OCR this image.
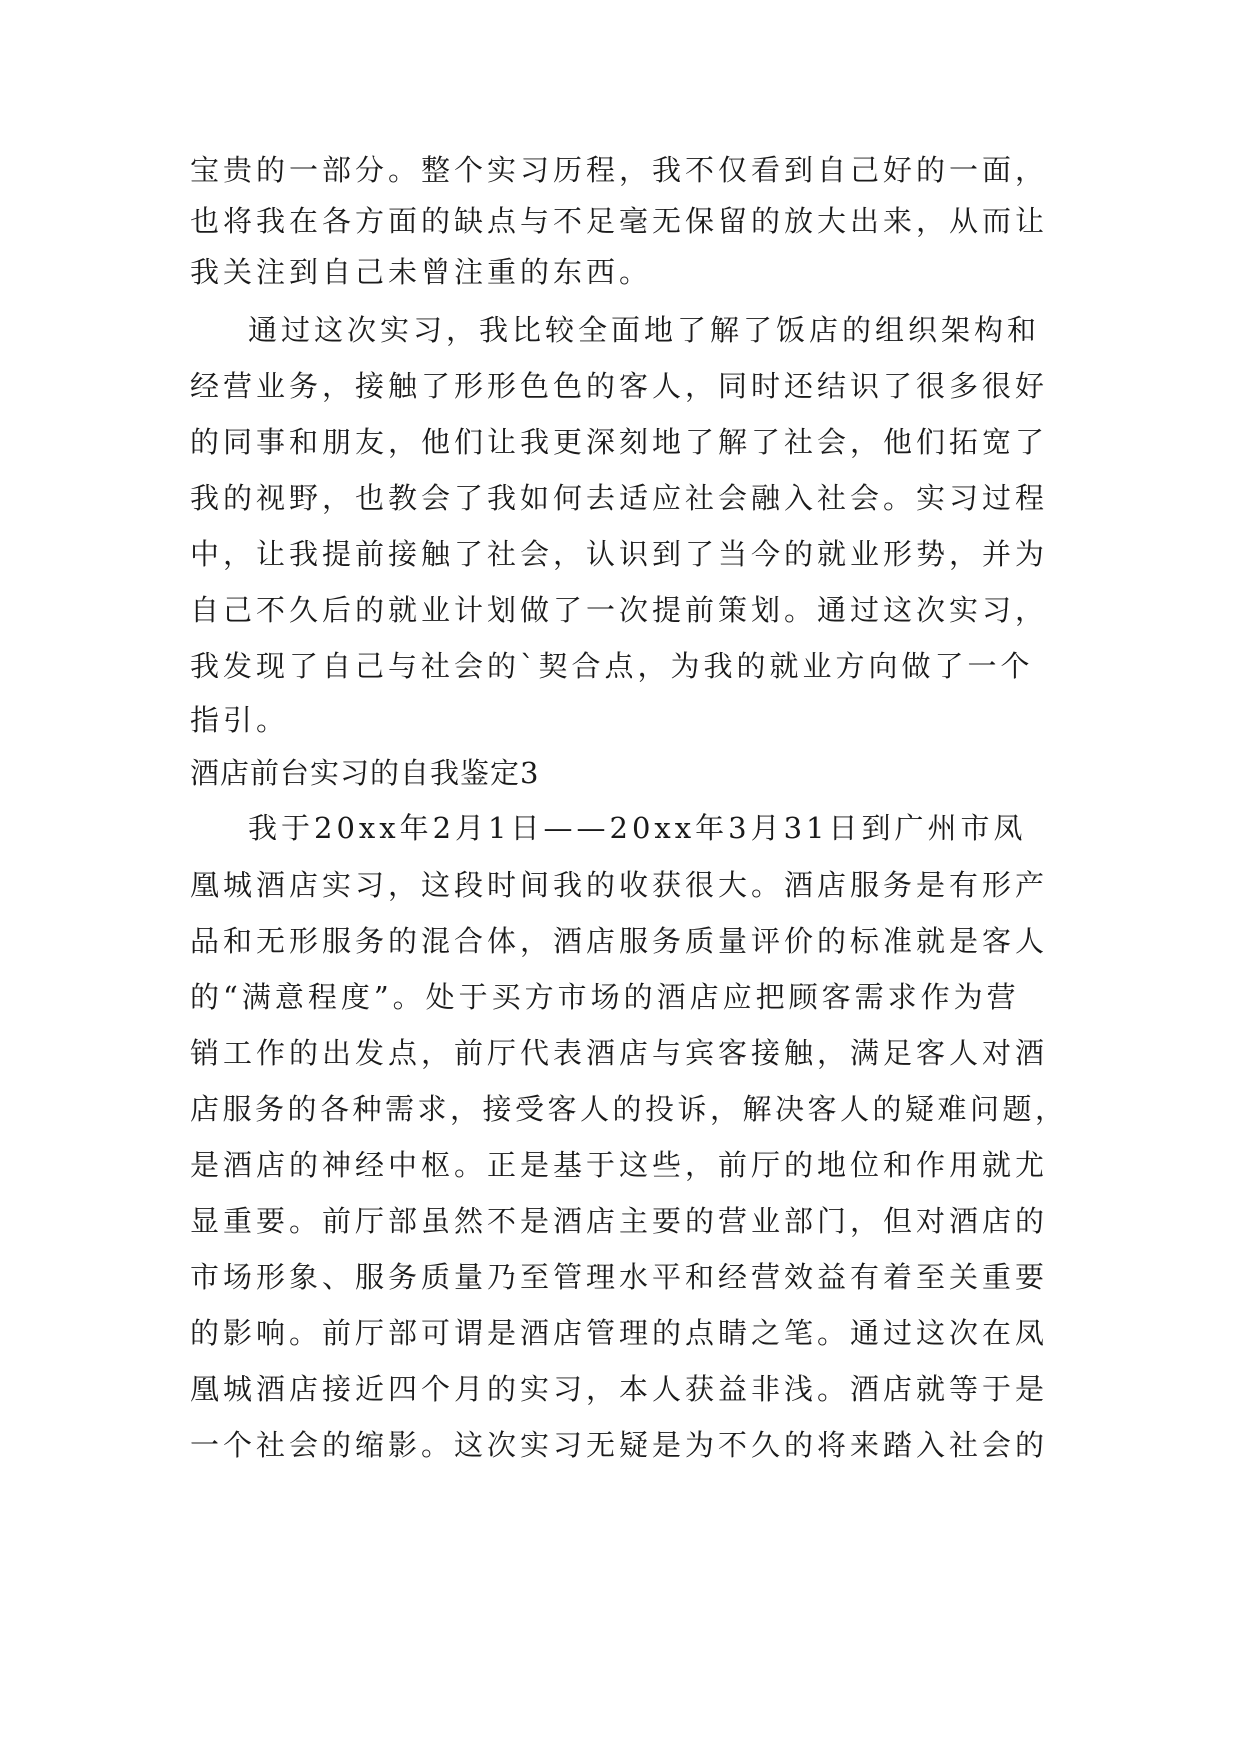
宝贵的一部分。整个实习历程，我不仅看到自己好的一面，
也将我在各方面的缺点与不足毫无保留的放大出来，从而让
我关注到自己未曾注重的东西。
通过这次实习，我比较全面地了解了饭店的组织架构和
经营业务，接触了形形色色的客人，同时还结识了很多很好
的同事和朋友，他们让我更深刻地了解了社会，他们拓宽了
我的视野，也教会了我如何去适应社会融入社会。实习过程
中，让我提前接触了社会，认识到了当今的就业形势，并为
自己不久后的就业计划做了一次提前策划。通过这次实习，
我发现了自己与社会的`契合点，为我的就业方向做了一个
指引。
酒店前台实习的自我鉴定3
我于20xx年2月1日——20xx年3月31日到广州市凤
凰城酒店实习，这段时间我的收获很大。酒店服务是有形产
品和无形服务的混合体，酒店服务质量评价的标准就是客人
的“满意程度”。处于买方市场的酒店应把顾客需求作为营
销工作的出发点，前厅代表酒店与宾客接触，满足客人对酒
店服务的各种需求，接受客人的投诉，解决客人的疑难问题，
是酒店的神经中枢。正是基于这些，前厅的地位和作用就尤
显重要。前厅部虽然不是酒店主要的营业部门，但对酒店的
市场形象、服务质量乃至管理水平和经营效益有着至关重要
的影响。前厅部可谓是酒店管理的点睛之笔。通过这次在凤
凰城酒店接近四个月的实习，本人获益非浅。酒店就等于是
一个社会的缩影。这次实习无疑是为不久的将来踏入社会的
